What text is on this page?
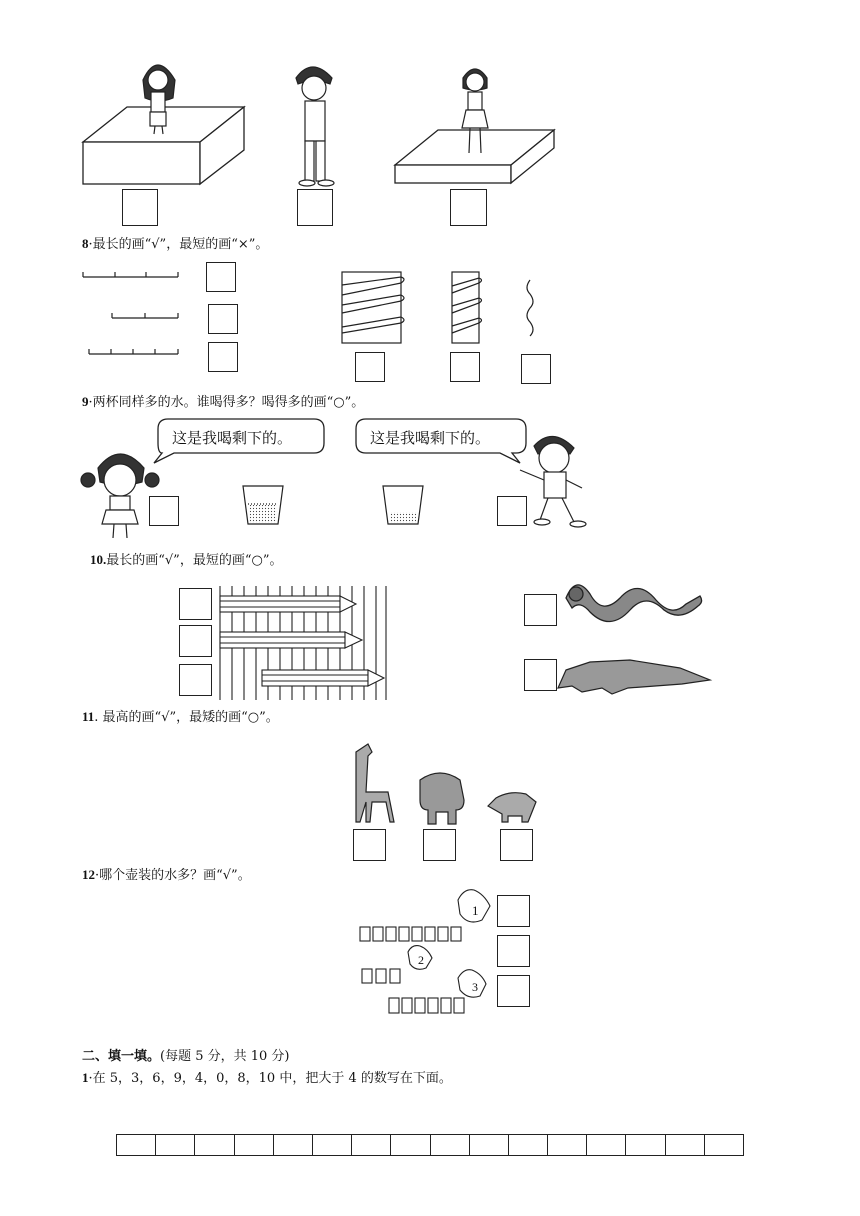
8·最长的画“√”，最短的画“×”。
9·两杯同样多的水。谁喝得多？喝得多的画“○”。
这是我喝剩下的。	这是我喝剩下的。
10.最长的画“√”，最短的画“○”。
11. 最高的画“√”，最矮的画“○”。
12·哪个壶装的水多？画“√”。
1
2
3
二、填一填。(每题 5 分，共 10 分)
1·在 5，3，6，9，4，0，8，10 中，把大于 4 的数写在下面。
